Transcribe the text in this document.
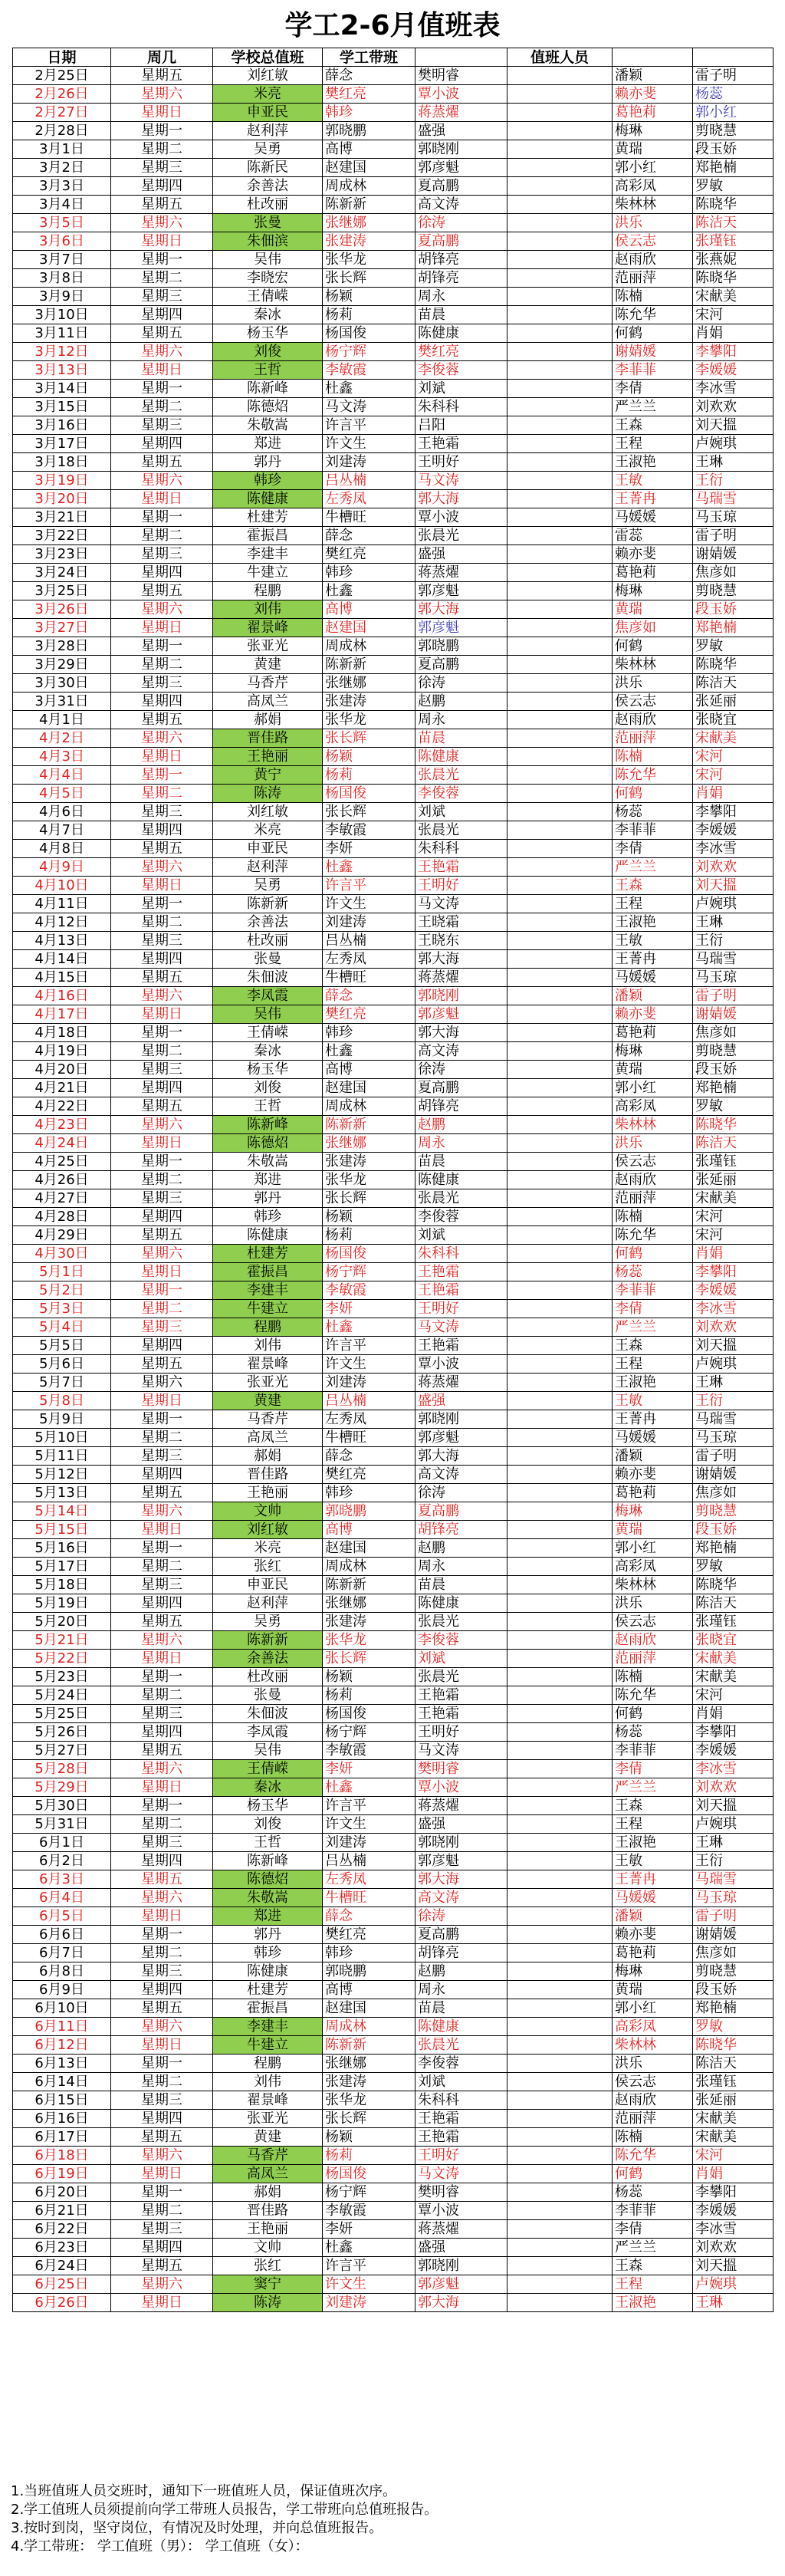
学工2-6月值班表
日期	周几	学校总值班	学工带班		值班人员		
2月25日	星期五	刘红敏	薛念	樊明睿		潘颖	雷子明
2月26日	星期六	米亮	樊红亮	覃小波		赖亦斐	杨蕊
2月27日	星期日	申亚民	韩珍	蒋蒸燿		葛艳莉	郭小红
2月28日	星期一	赵利萍	郭晓鹏	盛强		梅琳	剪晓慧
3月1日	星期二	吴勇	高博	郭晓刚		黄瑞	段玉娇
3月2日	星期三	陈新民	赵建国	郭彦魁		郭小红	郑艳楠
3月3日	星期四	余善法	周成林	夏高鹏		高彩凤	罗敏
3月4日	星期五	杜改丽	陈新新	高文涛		柴林林	陈晓华
3月5日	星期六	张曼	张继娜	徐涛		洪乐	陈洁天
3月6日	星期日	朱佃滨	张建涛	夏高鹏		侯云志	张瑾钰
3月7日	星期一	吴伟	张华龙	胡锋亮		赵雨欣	张燕妮
3月8日	星期二	李晓宏	张长辉	胡锋亮		范丽萍	陈晓华
3月9日	星期三	王倩嵘	杨颖	周永		陈楠	宋献美
3月10日	星期四	秦冰	杨莉	苗晨		陈允华	宋河
3月11日	星期五	杨玉华	杨国俊	陈健康		何鹤	肖娟
3月12日	星期六	刘俊	杨宁辉	樊红亮		谢婧媛	李攀阳
3月13日	星期日	王哲	李敏霞	李俊蓉		李菲菲	李媛媛
3月14日	星期一	陈新峰	杜鑫	刘斌		李倩	李冰雪
3月15日	星期二	陈德炤	马文涛	朱科科		严兰兰	刘欢欢
3月16日	星期三	朱敬嵩	许言平	吕阳		王森	刘天搵
3月17日	星期四	郑进	许文生	王艳霜		王程	卢婉琪
3月18日	星期五	郭丹	刘建涛	王明好		王淑艳	王琳
3月19日	星期六	韩珍	吕丛楠	马文涛		王敏	王衍
3月20日	星期日	陈健康	左秀凤	郭大海		王菁冉	马瑞雪
3月21日	星期一	杜建芳	牛槽旺	覃小波		马媛媛	马玉琼
3月22日	星期二	霍振昌	薛念	张晨光		雷蕊	雷子明
3月23日	星期三	李建丰	樊红亮	盛强		赖亦斐	谢婧媛
3月24日	星期四	牛建立	韩珍	蒋蒸燿		葛艳莉	焦彦如
3月25日	星期五	程鹏	杜鑫	郭彦魁		梅琳	剪晓慧
3月26日	星期六	刘伟	高博	郭大海		黄瑞	段玉娇
3月27日	星期日	翟景峰	赵建国	郭彦魁		焦彦如	郑艳楠
3月28日	星期一	张亚光	周成林	郭晓鹏		何鹤	罗敏
3月29日	星期二	黄建	陈新新	夏高鹏		柴林林	陈晓华
3月30日	星期三	马香芹	张继娜	徐涛		洪乐	陈洁天
3月31日	星期四	高凤兰	张建涛	赵鹏		侯云志	张延丽
4月1日	星期五	郝娟	张华龙	周永		赵雨欣	张晓宜
4月2日	星期六	晋佳路	张长辉	苗晨		范丽萍	宋献美
4月3日	星期日	王艳丽	杨颖	陈健康		陈楠	宋河
4月4日	星期一	黄宁	杨莉	张晨光		陈允华	宋河
4月5日	星期二	陈涛	杨国俊	李俊蓉		何鹤	肖娟
4月6日	星期三	刘红敏	张长辉	刘斌		杨蕊	李攀阳
4月7日	星期四	米亮	李敏霞	张晨光		李菲菲	李媛媛
4月8日	星期五	申亚民	李妍	朱科科		李倩	李冰雪
4月9日	星期六	赵利萍	杜鑫	王艳霜		严兰兰	刘欢欢
4月10日	星期日	吴勇	许言平	王明好		王森	刘天搵
4月11日	星期一	陈新新	许文生	马文涛		王程	卢婉琪
4月12日	星期二	余善法	刘建涛	王晓霜		王淑艳	王琳
4月13日	星期三	杜改丽	吕丛楠	王晓东		王敏	王衍
4月14日	星期四	张曼	左秀凤	郭大海		王菁冉	马瑞雪
4月15日	星期五	朱佃波	牛槽旺	蒋蒸燿		马媛媛	马玉琼
4月16日	星期六	李凤霞	薛念	郭晓刚		潘颖	雷子明
4月17日	星期日	吴伟	樊红亮	郭彦魁		赖亦斐	谢婧媛
4月18日	星期一	王倩嵘	韩珍	郭大海		葛艳莉	焦彦如
4月19日	星期二	秦冰	杜鑫	高文涛		梅琳	剪晓慧
4月20日	星期三	杨玉华	高博	徐涛		黄瑞	段玉娇
4月21日	星期四	刘俊	赵建国	夏高鹏		郭小红	郑艳楠
4月22日	星期五	王哲	周成林	胡锋亮		高彩凤	罗敏
4月23日	星期六	陈新峰	陈新新	赵鹏		柴林林	陈晓华
4月24日	星期日	陈德炤	张继娜	周永		洪乐	陈洁天
4月25日	星期一	朱敬嵩	张建涛	苗晨		侯云志	张瑾钰
4月26日	星期二	郑进	张华龙	陈健康		赵雨欣	张延丽
4月27日	星期三	郭丹	张长辉	张晨光		范丽萍	宋献美
4月28日	星期四	韩珍	杨颖	李俊蓉		陈楠	宋河
4月29日	星期五	陈健康	杨莉	刘斌		陈允华	宋河
4月30日	星期六	杜建芳	杨国俊	朱科科		何鹤	肖娟
5月1日	星期日	霍振昌	杨宁辉	王艳霜		杨蕊	李攀阳
5月2日	星期一	李建丰	李敏霞	王艳霜		李菲菲	李媛媛
5月3日	星期二	牛建立	李妍	王明好		李倩	李冰雪
5月4日	星期三	程鹏	杜鑫	马文涛		严兰兰	刘欢欢
5月5日	星期四	刘伟	许言平	王艳霜		王森	刘天搵
5月6日	星期五	翟景峰	许文生	覃小波		王程	卢婉琪
5月7日	星期六	张亚光	刘建涛	蒋蒸燿		王淑艳	王琳
5月8日	星期日	黄建	吕丛楠	盛强		王敏	王衍
5月9日	星期一	马香芹	左秀凤	郭晓刚		王菁冉	马瑞雪
5月10日	星期二	高凤兰	牛槽旺	郭彦魁		马媛媛	马玉琼
5月11日	星期三	郝娟	薛念	郭大海		潘颖	雷子明
5月12日	星期四	晋佳路	樊红亮	高文涛		赖亦斐	谢婧媛
5月13日	星期五	王艳丽	韩珍	徐涛		葛艳莉	焦彦如
5月14日	星期六	文帅	郭晓鹏	夏高鹏		梅琳	剪晓慧
5月15日	星期日	刘红敏	高博	胡锋亮		黄瑞	段玉娇
5月16日	星期一	米亮	赵建国	赵鹏		郭小红	郑艳楠
5月17日	星期二	张红	周成林	周永		高彩凤	罗敏
5月18日	星期三	申亚民	陈新新	苗晨		柴林林	陈晓华
5月19日	星期四	赵利萍	张继娜	陈健康		洪乐	陈洁天
5月20日	星期五	吴勇	张建涛	张晨光		侯云志	张瑾钰
5月21日	星期六	陈新新	张华龙	李俊蓉		赵雨欣	张晓宜
5月22日	星期日	余善法	张长辉	刘斌		范丽萍	宋献美
5月23日	星期一	杜改丽	杨颖	张晨光		陈楠	宋献美
5月24日	星期二	张曼	杨莉	王艳霜		陈允华	宋河
5月25日	星期三	朱佃波	杨国俊	王艳霜		何鹤	肖娟
5月26日	星期四	李凤霞	杨宁辉	王明好		杨蕊	李攀阳
5月27日	星期五	吴伟	李敏霞	马文涛		李菲菲	李媛媛
5月28日	星期六	王倩嵘	李妍	樊明睿		李倩	李冰雪
5月29日	星期日	秦冰	杜鑫	覃小波		严兰兰	刘欢欢
5月30日	星期一	杨玉华	许言平	蒋蒸燿		王森	刘天搵
5月31日	星期二	刘俊	许文生	盛强		王程	卢婉琪
6月1日	星期三	王哲	刘建涛	郭晓刚		王淑艳	王琳
6月2日	星期四	陈新峰	吕丛楠	郭彦魁		王敏	王衍
6月3日	星期五	陈德炤	左秀凤	郭大海		王菁冉	马瑞雪
6月4日	星期六	朱敬嵩	牛槽旺	高文涛		马媛媛	马玉琼
6月5日	星期日	郑进	薛念	徐涛		潘颖	雷子明
6月6日	星期一	郭丹	樊红亮	夏高鹏		赖亦斐	谢婧媛
6月7日	星期二	韩珍	韩珍	胡锋亮		葛艳莉	焦彦如
6月8日	星期三	陈健康	郭晓鹏	赵鹏		梅琳	剪晓慧
6月9日	星期四	杜建芳	高博	周永		黄瑞	段玉娇
6月10日	星期五	霍振昌	赵建国	苗晨		郭小红	郑艳楠
6月11日	星期六	李建丰	周成林	陈健康		高彩凤	罗敏
6月12日	星期日	牛建立	陈新新	张晨光		柴林林	陈晓华
6月13日	星期一	程鹏	张继娜	李俊蓉		洪乐	陈洁天
6月14日	星期二	刘伟	张建涛	刘斌		侯云志	张瑾钰
6月15日	星期三	翟景峰	张华龙	朱科科		赵雨欣	张延丽
6月16日	星期四	张亚光	张长辉	王艳霜		范丽萍	宋献美
6月17日	星期五	黄建	杨颖	王艳霜		陈楠	宋献美
6月18日	星期六	马香芹	杨莉	王明好		陈允华	宋河
6月19日	星期日	高凤兰	杨国俊	马文涛		何鹤	肖娟
6月20日	星期一	郝娟	杨宁辉	樊明睿		杨蕊	李攀阳
6月21日	星期二	晋佳路	李敏霞	覃小波		李菲菲	李媛媛
6月22日	星期三	王艳丽	李妍	蒋蒸燿		李倩	李冰雪
6月23日	星期四	文帅	杜鑫	盛强		严兰兰	刘欢欢
6月24日	星期五	张红	许言平	郭晓刚		王森	刘天搵
6月25日	星期六	窦宁	许文生	郭彦魁		王程	卢婉琪
6月26日	星期日	陈涛	刘建涛	郭大海		王淑艳	王琳
1.当班值班人员交班时，通知下一班值班人员，保证值班次序。
2.学工值班人员须提前向学工带班人员报告，学工带班向总值班报告。
3.按时到岗，坚守岗位，有情况及时处理，并向总值班报告。
4.学工带班： 学工值班（男）： 学工值班（女）：
